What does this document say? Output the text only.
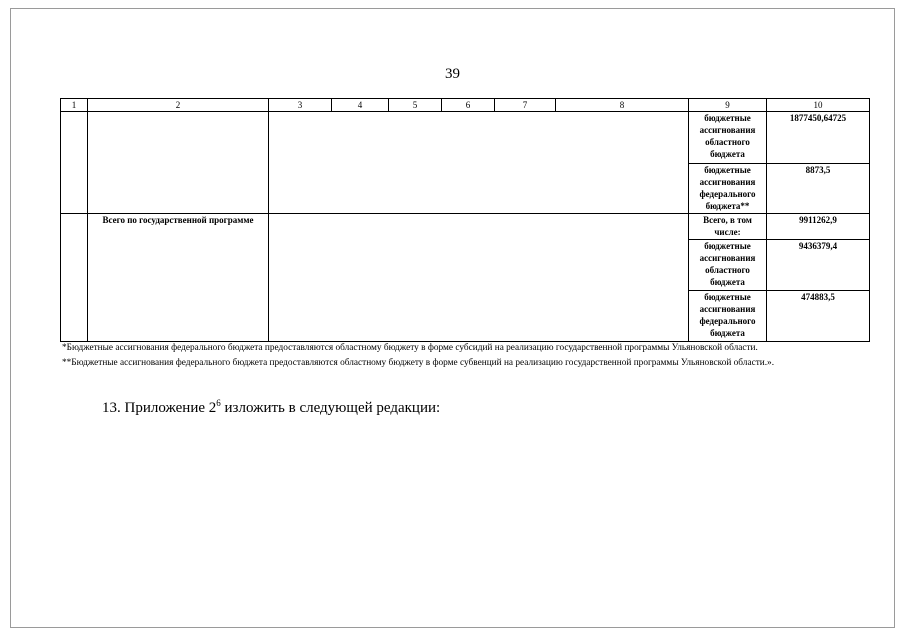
39
1	2	3	4	5	6	7	8	9	10
								бюджетные ассигнования областного бюджета	1877450,64725
								бюджетные ассигнования федерального бюджета**	8873,5
	Всего по государственной программе							Всего, в том числе:	9911262,9
								бюджетные ассигнования областного бюджета	9436379,4
								бюджетные ассигнования федерального бюджета	474883,5

*Бюджетные ассигнования федерального бюджета предоставляются областному бюджету в форме субсидий на реализацию государственной программы Ульяновской области.

**Бюджетные ассигнования федерального бюджета предоставляются областному бюджету в форме субвенций на реализацию государственной программы Ульяновской области.».

13. Приложение $2^6$ изложить в следующей редакции:
